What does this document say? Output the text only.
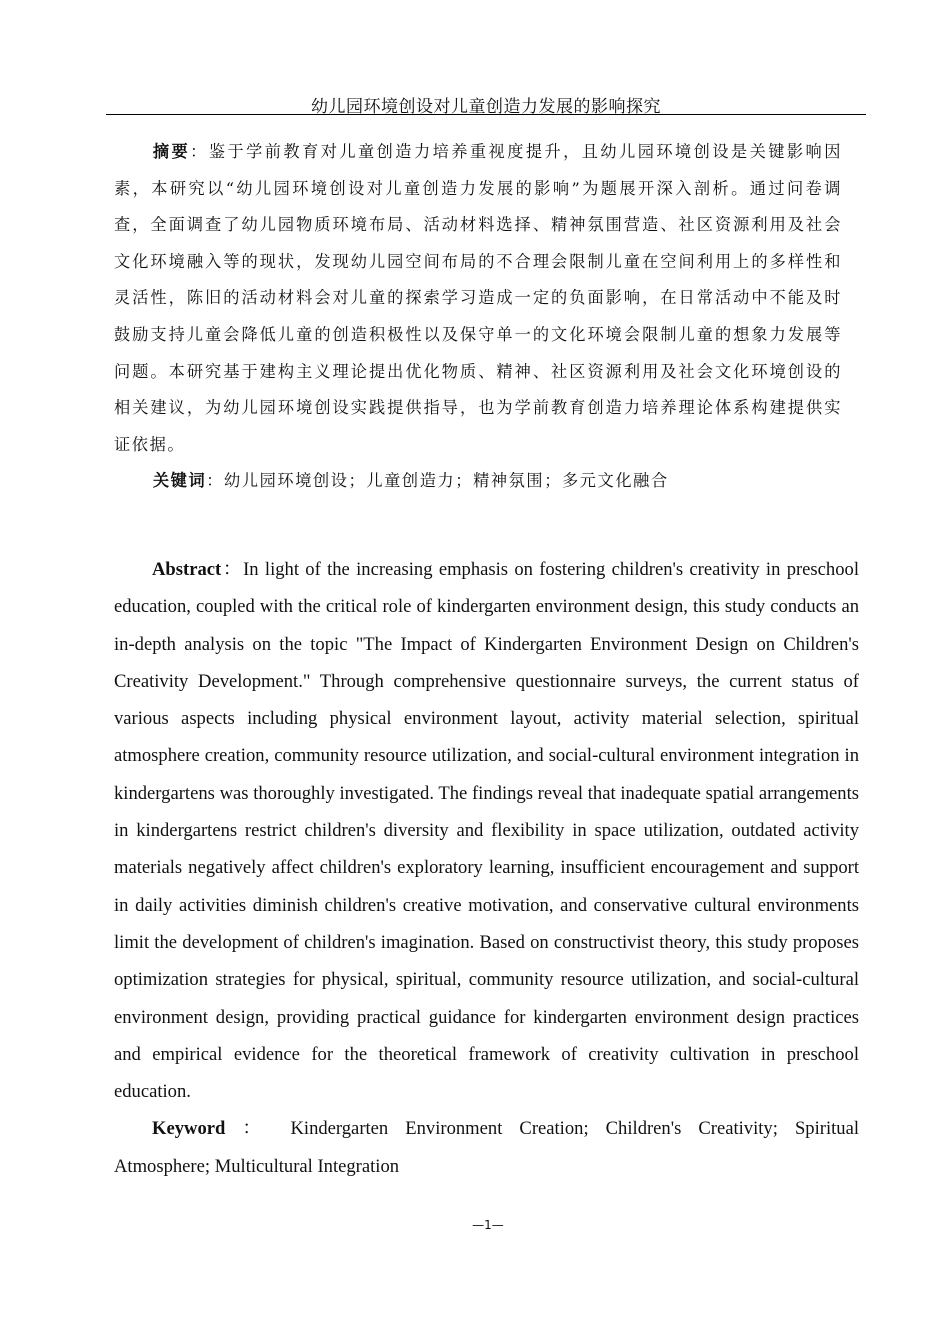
幼儿园环境创设对儿童创造力发展的影响探究

摘要：鉴于学前教育对儿童创造力培养重视度提升，且幼儿园环境创设是关键影响因素，本研究以“幼儿园环境创设对儿童创造力发展的影响”为题展开深入剖析。通过问卷调查，全面调查了幼儿园物质环境布局、活动材料选择、精神氛围营造、社区资源利用及社会文化环境融入等的现状，发现幼儿园空间布局的不合理会限制儿童在空间利用上的多样性和灵活性，陈旧的活动材料会对儿童的探索学习造成一定的负面影响，在日常活动中不能及时鼓励支持儿童会降低儿童的创造积极性以及保守单一的文化环境会限制儿童的想象力发展等问题。本研究基于建构主义理论提出优化物质、精神、社区资源利用及社会文化环境创设的相关建议，为幼儿园环境创设实践提供指导，也为学前教育创造力培养理论体系构建提供实证依据。

关键词：幼儿园环境创设；儿童创造力；精神氛围；多元文化融合

Abstract：In light of the increasing emphasis on fostering children's creativity in preschool education, coupled with the critical role of kindergarten environment design, this study conducts an in-depth analysis on the topic "The Impact of Kindergarten Environment Design on Children's Creativity Development." Through comprehensive questionnaire surveys, the current status of various aspects including physical environment layout, activity material selection, spiritual atmosphere creation, community resource utilization, and social-cultural environment integration in kindergartens was thoroughly investigated. The findings reveal that inadequate spatial arrangements in kindergartens restrict children's diversity and flexibility in space utilization, outdated activity materials negatively affect children's exploratory learning, insufficient encouragement and support in daily activities diminish children's creative motivation, and conservative cultural environments limit the development of children's imagination. Based on constructivist theory, this study proposes optimization strategies for physical, spiritual, community resource utilization, and social-cultural environment design, providing practical guidance for kindergarten environment design practices and empirical evidence for the theoretical framework of creativity cultivation in preschool education.

Keyword ： Kindergarten Environment Creation; Children's Creativity; Spiritual Atmosphere; Multicultural Integration

—1—
